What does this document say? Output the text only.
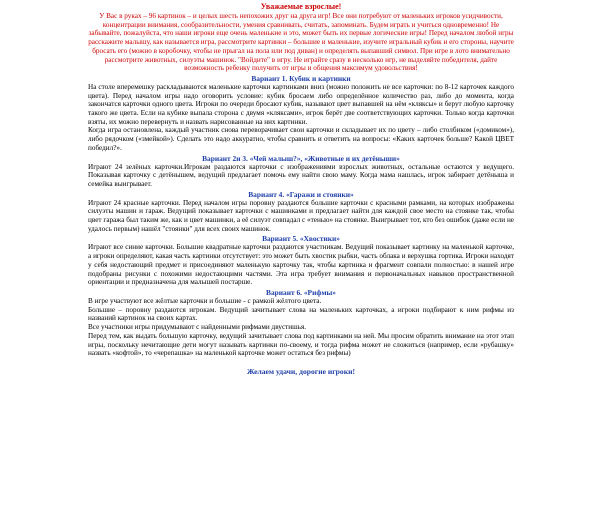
Уважаемые взрослые!
У Вас в руках – 96 картинок – и целых шесть непохожих друг на друга игр! Все они потребуют от маленьких игроков усидчивости, концентрации внимания, сообразительности, умения сравнивать, считать, запоминать. Будем играть и учиться одновременно! Не забывайте, пожалуйста, что наши игроки еще очень маленькие и это, может быть их первые логические игры! Перед началом любой игры расскажите малышу, как называется игра, рассмотрите картинки – большие и маленькие, изучите игральный кубик и его стороны, научите бросать его (можно в коробочку, чтобы не прыгал на пола или под диван) и определять выпавший символ. При игре в лото внимательно рассмотрите животных, силуэты машинок. "Войдите" в игру. Не играйте сразу в несколько игр, не выделяйте победителя, дайте возможность ребенку получить от игры и общения максимум удовольствия!
Вариант 1. Кубик и картинки

На столе вперемешку раскладываются маленькие карточки картинками вниз (можно положить не все карточки: по 8-12 карточек каждого цвета). Перед началом игры надо оговорить условие: кубик бросаем либо определённое количество раз, либо до момента, когда закончатся карточки одного цвета. Игроки по очереди бросают кубик, называют цвет выпавшей на нём «кляксы» и берут любую карточку такого же цвета. Если на кубике выпала сторона с двумя «кляксами», игрок берёт две соответствующих карточки. Только когда карточки взяты, их можно перевернуть и назвать нарисованные на них картинки.

Когда игра остановлена, каждый участник снова переворачивает свои карточки и складывает их по цвету – либо столбиком («домиком»), либо рядочком («змейкой»). Сделать это надо аккуратно, чтобы сравнить и ответить на вопросы: «Каких карточек больше? Какой ЦВЕТ победил?».

Вариант 2и 3. «Чей малыш?», «Животные и их детёныши»

Играют 24 зелёных карточки.Игрокам раздаются карточки с изображениями взрослых животных, остальные остаются у ведущего. Показывая карточку с детёнышем, ведущий предлагает помочь ему найти свою маму. Когда мама нашлась, игрок забирает детёныша и семейка выигрывает.

Вариант 4. «Гаражи и стоянки»

Играют 24 красные карточки. Перед началом игры поровну раздаются большие карточки с красными рамками, на которых изображены силуэты машин и гараж. Ведущий показывает карточки с машинками и предлагает найти для каждой свое место на стоянке так, чтобы цвет гаража был таким же, как и цвет машинки, а её силуэт совпадал с «тенью» на стоянке. Выигрывает тот, кто без ошибок (даже если не удалось первым) нашёл "стоянки" для всех своих машинок.

Вариант 5. «Хвостики»

Играют все синие карточки. Большие квадратные карточки раздаются участникам. Ведущий показывает картинку на маленькой карточке, а игроки определяют, какая часть картинки отсутствует: это может быть хвостик рыбки, часть облака и верхушка гортика. Игроки находят у себя недостающий предмет и присоединяют маленькую карточку так, чтобы картинка и фрагмент совпали полностью: в нашей игре подобраны рисунки с похожими недостающими частями. Эта игра требует внимания и первоначальных навыков пространственной ориентации и предназначена для малышей постарше.

Вариант 6. «Рифмы»

В игре участвуют все жёлтые карточки и большие - с рамкой жёлтого цвета.

Большие – поровну раздаются игрокам. Ведущий зачитывает слова на маленьких карточках, а игроки подбирают к ним рифмы из названий картинок на своих картах.

Все участники игры придумывают с найденными рифмами двустишья.

Перед тем, как выдать большую карточку, ведущий зачитывает слова под картинками на ней. Мы просим обратить внимание на этот этап игры, поскольку нечитающие дети могут называть картинки по-своему, и тогда рифма может не сложиться (например, если «рубашку» назвать «кофтой», то «черепашка» на маленькой карточке может остаться без рифмы)

Желаем удачи, дорогие игроки!
